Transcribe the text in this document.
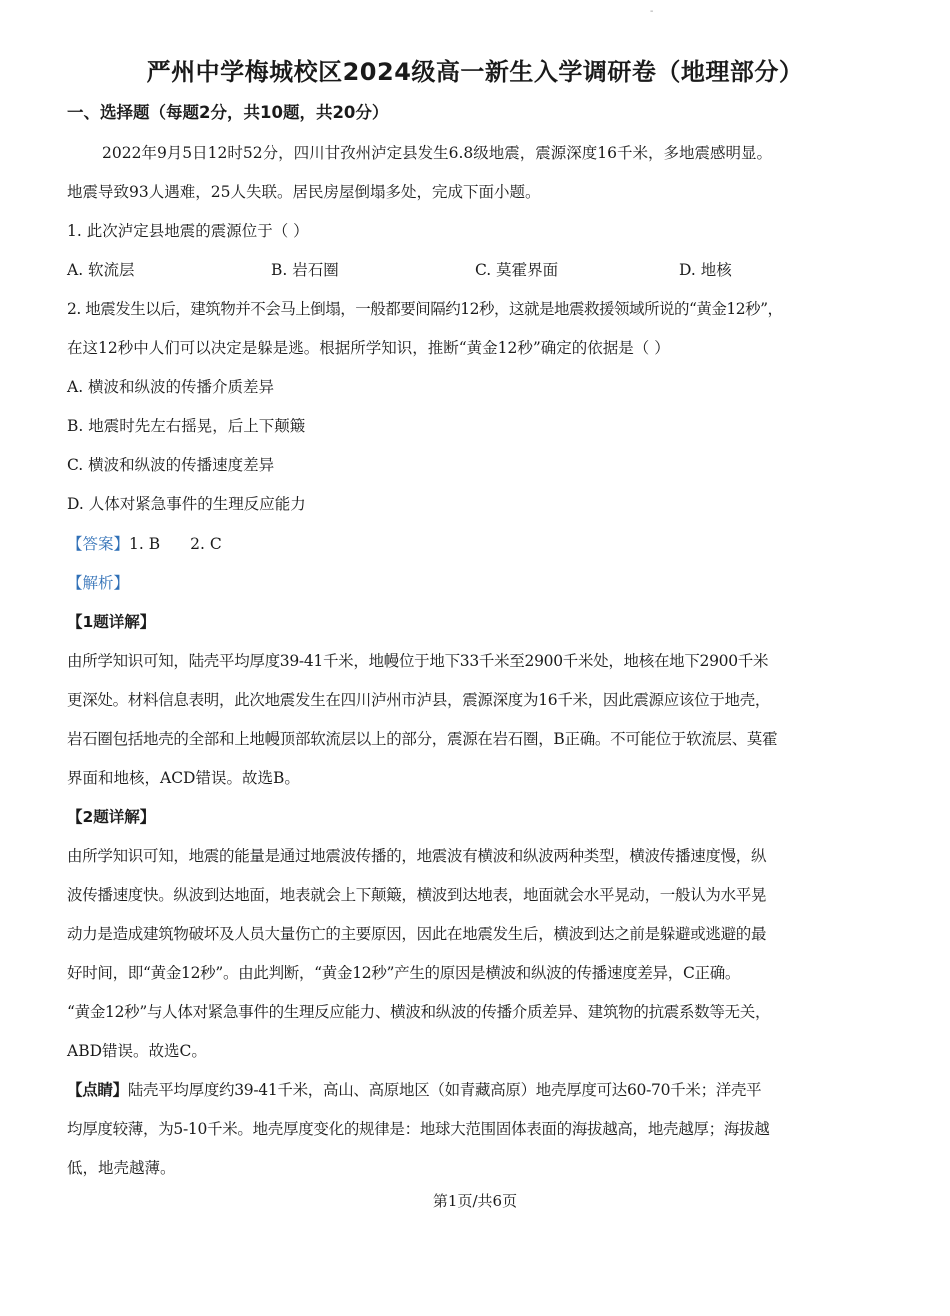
-
严州中学梅城校区2024级高一新生入学调研卷（地理部分）
一、选择题（每题2分，共10题，共20分）
2022年9月5日12时52分，四川甘孜州泸定县发生6.8级地震，震源深度16千米，多地震感明显。
地震导致93人遇难，25人失联。居民房屋倒塌多处，完成下面小题。
1. 此次泸定县地震的震源位于（ ）
A. 软流层	B. 岩石圈	C. 莫霍界面	D. 地核
2. 地震发生以后，建筑物并不会马上倒塌，一般都要间隔约12秒，这就是地震救援领域所说的“黄金12秒”，
在这12秒中人们可以决定是躲是逃。根据所学知识，推断“黄金12秒”确定的依据是（ ）
A. 横波和纵波的传播介质差异
B. 地震时先左右摇晃，后上下颠簸
C. 横波和纵波的传播速度差异
D. 人体对紧急事件的生理反应能力
【答案】1. B 2. C
【解析】
【1题详解】
由所学知识可知，陆壳平均厚度39-41千米，地幔位于地下33千米至2900千米处，地核在地下2900千米
更深处。材料信息表明，此次地震发生在四川泸州市泸县，震源深度为16千米，因此震源应该位于地壳，
岩石圈包括地壳的全部和上地幔顶部软流层以上的部分，震源在岩石圈，B正确。不可能位于软流层、莫霍
界面和地核，ACD错误。故选B。
【2题详解】
由所学知识可知，地震的能量是通过地震波传播的，地震波有横波和纵波两种类型，横波传播速度慢，纵
波传播速度快。纵波到达地面，地表就会上下颠簸，横波到达地表，地面就会水平晃动，一般认为水平晃
动力是造成建筑物破坏及人员大量伤亡的主要原因，因此在地震发生后，横波到达之前是躲避或逃避的最
好时间，即“黄金12秒”。由此判断，“黄金12秒”产生的原因是横波和纵波的传播速度差异，C正确。
“黄金12秒”与人体对紧急事件的生理反应能力、横波和纵波的传播介质差异、建筑物的抗震系数等无关，
ABD错误。故选C。
【点睛】陆壳平均厚度约39-41千米，高山、高原地区（如青藏高原）地壳厚度可达60-70千米；洋壳平
均厚度较薄，为5-10千米。地壳厚度变化的规律是：地球大范围固体表面的海拔越高，地壳越厚；海拔越
低，地壳越薄。
第1页/共6页
